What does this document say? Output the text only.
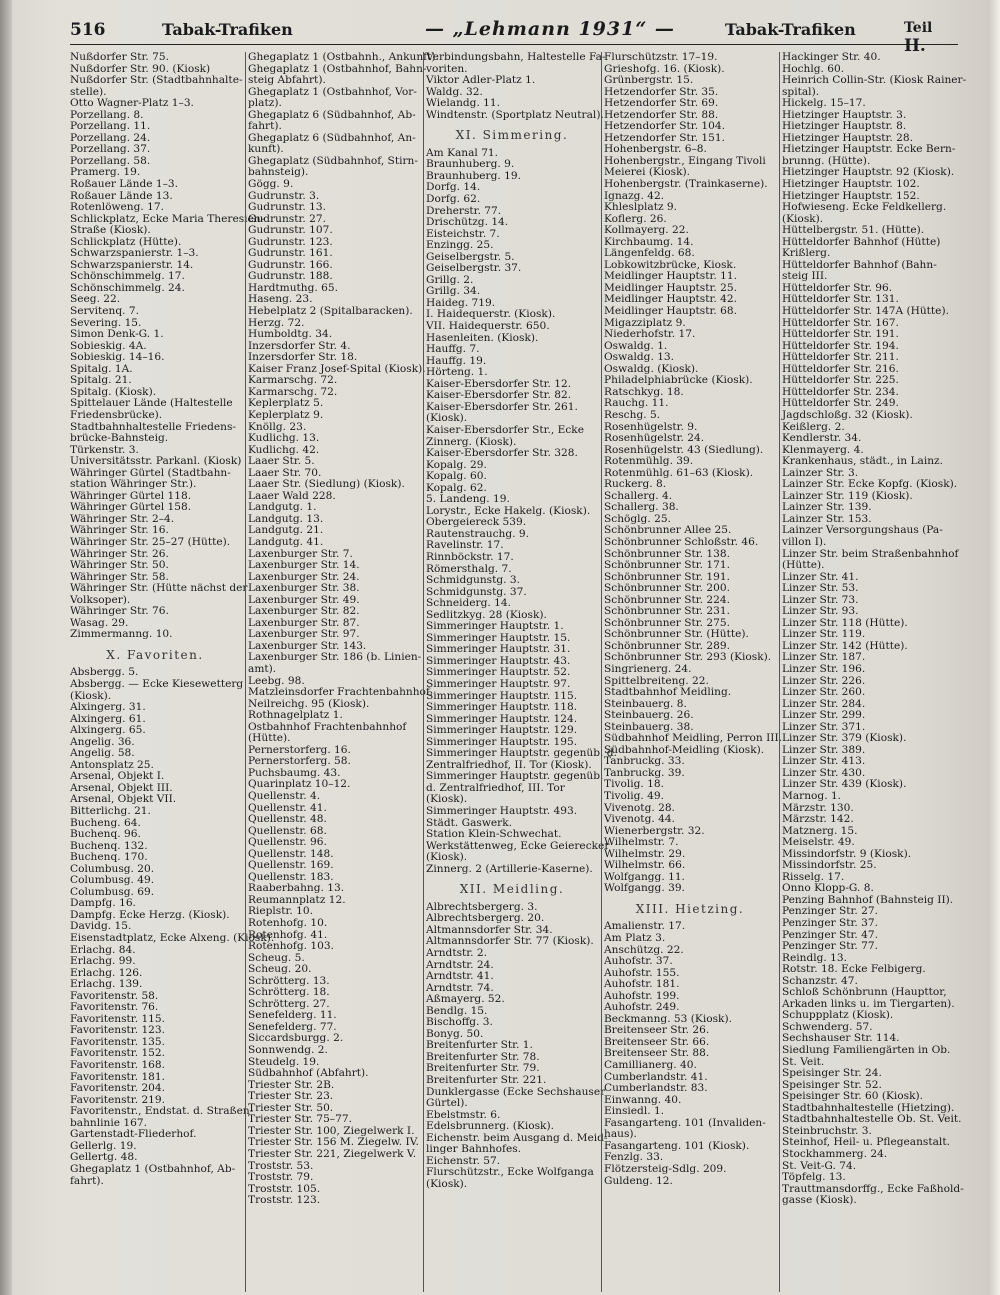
516	Tabak-Trafiken	— „Lehmann 1931“ —	Tabak-Trafiken	Teil II.
Nußdorfer Str. 75.
Nußdorfer Str. 90. (Kiosk)
Nußdorfer Str. (Stadtbahnhalte-
stelle).
Otto Wagner-Platz 1–3.
Porzellang. 8.
Porzellang. 11.
Porzellang. 24.
Porzellang. 37.
Porzellang. 58.
Pramerg. 19.
Roßauer Lände 1–3.
Roßauer Lände 13.
Rotenlöweng. 17.
Schlickplatz, Ecke Maria Theresien-
Straße (Kiosk).
Schlickplatz (Hütte).
Schwarzspanierstr. 1–3.
Schwarzspanierstr. 14.
Schönschimmelg. 17.
Schönschimmelg. 24.
Seeg. 22.
Servitenq. 7.
Severing. 15.
Simon Denk-G. 1.
Sobieskig. 4A.
Sobieskig. 14–16.
Spitalg. 1A.
Spitalg. 21.
Spitalg. (Kiosk).
Spittelauer Lände (Haltestelle
Friedensbrücke).
Stadtbahnhaltestelle Friedens-
brücke-Bahnsteig.
Türkenstr. 3.
Universitätsstr. Parkanl. (Kiosk)
Währinger Gürtel (Stadtbahn-
station Währinger Str.).
Währinger Gürtel 118.
Währinger Gürtel 158.
Währinger Str. 2–4.
Währinger Str. 16.
Währinger Str. 25–27 (Hütte).
Währinger Str. 26.
Währinger Str. 50.
Währinger Str. 58.
Währinger Str. (Hütte nächst der
Volksoper).
Währinger Str. 76.
Wasag. 29.
Zimmermanng. 10.
X. Favoriten.
Absbergg. 5.
Absbergg. — Ecke Kiesewetterg
(Kiosk).
Alxingerg. 31.
Alxingerg. 61.
Alxingerg. 65.
Angelig. 36.
Angelig. 58.
Antonsplatz 25.
Arsenal, Objekt I.
Arsenal, Objekt III.
Arsenal, Objekt VII.
Bitterlichg. 21.
Bucheng. 64.
Buchenq. 96.
Buchenq. 132.
Buchenq. 170.
Columbusg. 20.
Columbusg. 49.
Columbusg. 69.
Dampfg. 16.
Dampfg. Ecke Herzg. (Kiosk).
Davidg. 15.
Eisenstadtplatz, Ecke Alxeng. (Kiosk).
Erlachg. 84.
Erlachg. 99.
Erlachg. 126.
Erlachg. 139.
Favoritenstr. 58.
Favoritenstr. 76.
Favoritenstr. 115.
Favoritenstr. 123.
Favoritenstr. 135.
Favoritenstr. 152.
Favoritenstr. 168.
Favoritenstr. 181.
Favoritenstr. 204.
Favoritenstr. 219.
Favoritenstr., Endstat. d. Straßen-
bahnlinie 167.
Gartenstadt-Fliederhof.
Gellerlg. 19.
Gellertg. 48.
Ghegaplatz 1 (Ostbahnhof, Ab-
fahrt).
Ghegaplatz 1 (Ostbahnh., Ankunft).
Ghegaplatz 1 (Ostbahnhof, Bahn-
steig Abfahrt).
Ghegaplatz 1 (Ostbahnhof, Vor-
platz).
Ghegaplatz 6 (Südbahnhof, Ab-
fahrt).
Ghegaplatz 6 (Südbahnhof, An-
kunft).
Ghegaplatz (Südbahnhof, Stirn-
bahnsteig).
Gögg. 9.
Gudrunstr. 3.
Gudrunstr. 13.
Gudrunstr. 27.
Gudrunstr. 107.
Gudrunstr. 123.
Gudrunstr. 161.
Gudrunstr. 166.
Gudrunstr. 188.
Hardtmuthg. 65.
Haseng. 23.
Hebelplatz 2 (Spitalbaracken).
Herzg. 72.
Humboldtg. 34.
Inzersdorfer Str. 4.
Inzersdorfer Str. 18.
Kaiser Franz Josef-Spital (Kiosk).
Karmarschg. 72.
Karmarschg. 72.
Keplerplatz 5.
Keplerplatz 9.
Knöllg. 23.
Kudlichg. 13.
Kudlichg. 42.
Laaer Str. 5.
Laaer Str. 70.
Laaer Str. (Siedlung) (Kiosk).
Laaer Wald 228.
Landgutg. 1.
Landgutg. 13.
Landgutg. 21.
Landgutg. 41.
Laxenburger Str. 7.
Laxenburger Str. 14.
Laxenburger Str. 24.
Laxenburger Str. 38.
Laxenburger Str. 49.
Laxenburger Str. 82.
Laxenburger Str. 87.
Laxenburger Str. 97.
Laxenburger Str. 143.
Laxenburger Str. 186 (b. Linien-
amt).
Leebg. 98.
Matzleinsdorfer Frachtenbahnhof.
Neilreichg. 95 (Kiosk).
Rothnagelplatz 1.
Ostbahnhof Frachtenbahnhof
(Hütte).
Pernerstorferg. 16.
Pernerstorferg. 58.
Puchsbaumg. 43.
Quarinplatz 10–12.
Quellenstr. 4.
Quellenstr. 41.
Quellenstr. 48.
Quellenstr. 68.
Quellenstr. 96.
Quellenstr. 148.
Quellenstr. 169.
Quellenstr. 183.
Raaberbahng. 13.
Reumannplatz 12.
Rieplstr. 10.
Rotenhofg. 10.
Rotenhofg. 41.
Rotenhofg. 103.
Scheug. 5.
Scheug. 20.
Schrötterg. 13.
Schrötterg. 18.
Schrötterg. 27.
Senefelderg. 11.
Senefelderg. 77.
Siccardsburgg. 2.
Sonnwendg. 2.
Steudelg. 19.
Südbahnhof (Abfahrt).
Triester Str. 2B.
Triester Str. 23.
Triester Str. 50.
Triester Str. 75–77.
Triester Str. 100, Ziegelwerk I.
Triester Str. 156 M. Ziegelw. IV.
Triester Str. 221, Ziegelwerk V.
Troststr. 53.
Troststr. 79.
Troststr. 105.
Troststr. 123.
Verbindungsbahn, Haltestelle Fa-
voriten.
Viktor Adler-Platz 1.
Waldg. 32.
Wielandg. 11.
Windtenstr. (Sportplatz Neutral).
XI. Simmering.
Am Kanal 71.
Braunhuberg. 9.
Braunhuberg. 19.
Dorfg. 14.
Dorfg. 62.
Dreherstr. 77.
Drischützg. 14.
Eisteichstr. 7.
Enzingg. 25.
Geiselbergstr. 5.
Geiselbergstr. 37.
Grillg. 2.
Grillg. 34.
Haideg. 719.
I. Haidequerstr. (Kiosk).
VII. Haidequerstr. 650.
Hasenleiten. (Kiosk).
Hauffg. 7.
Hauffg. 19.
Hörteng. 1.
Kaiser-Ebersdorfer Str. 12.
Kaiser-Ebersdorfer Str. 82.
Kaiser-Ebersdorfer Str. 261.
(Kiosk).
Kaiser-Ebersdorfer Str., Ecke
Zinnerg. (Kiosk).
Kaiser-Ebersdorfer Str. 328.
Kopalg. 29.
Kopalg. 60.
Kopalg. 62.
5. Landeng. 19.
Lorystr., Ecke Hakelg. (Kiosk).
Obergeiereck 539.
Rautenstrauchg. 9.
Ravelinstr. 17.
Rinnböckstr. 17.
Römersthalg. 7.
Schmidgunstg. 3.
Schmidgunstg. 37.
Schneiderg. 14.
Sedlitzkyg. 28 (Kiosk).
Simmeringer Hauptstr. 1.
Simmeringer Hauptstr. 15.
Simmeringer Hauptstr. 31.
Simmeringer Hauptstr. 43.
Simmeringer Hauptstr. 52.
Simmeringer Hauptstr. 97.
Simmeringer Hauptstr. 115.
Simmeringer Hauptstr. 118.
Simmeringer Hauptstr. 124.
Simmeringer Hauptstr. 129.
Simmeringer Hauptstr. 195.
Simmeringer Hauptstr. gegenüb. d.
Zentralfriedhof, II. Tor (Kiosk).
Simmeringer Hauptstr. gegenüb.
d. Zentralfriedhof, III. Tor
(Kiosk).
Simmeringer Hauptstr. 493.
Städt. Gaswerk.
Station Klein-Schwechat.
Werkstättenweg, Ecke Geierecker
(Kiosk).
Zinnerg. 2 (Artillerie-Kaserne).
XII. Meidling.
Albrechtsbergerg. 3.
Albrechtsbergerg. 20.
Altmannsdorfer Str. 34.
Altmannsdorfer Str. 77 (Kiosk).
Arndtstr. 2.
Arndtstr. 24.
Arndtstr. 41.
Arndtstr. 74.
Aßmayerg. 52.
Bendlg. 15.
Bischoffg. 3.
Bonyg. 50.
Breitenfurter Str. 1.
Breitenfurter Str. 78.
Breitenfurter Str. 79.
Breitenfurter Str. 221.
Dunklergasse (Ecke Sechshauser
Gürtel).
Ebelstmstr. 6.
Edelsbrunnerg. (Kiosk).
Eichenstr. beim Ausgang d. Meid-
linger Bahnhofes.
Eichenstr. 57.
Flurschützstr., Ecke Wolfganga
(Kiosk).
Flurschützstr. 17–19.
Grieshofg. 16. (Kiosk).
Grünbergstr. 15.
Hetzendorfer Str. 35.
Hetzendorfer Str. 69.
Hetzendorfer Str. 88.
Hetzendorfer Str. 104.
Hetzendorfer Str. 151.
Hohenbergstr. 6–8.
Hohenbergstr., Eingang Tivoli
Meierei (Kiosk).
Hohenbergstr. (Trainkaserne).
Ignazg. 42.
Khleslplatz 9.
Koflerg. 26.
Kollmayerg. 22.
Kirchbaumg. 14.
Längenfeldg. 68.
Lobkowitzbrücke, Kiosk.
Meidlinger Hauptstr. 11.
Meidlinger Hauptstr. 25.
Meidlinger Hauptstr. 42.
Meidlinger Hauptstr. 68.
Migazziplatz 9.
Niederhofstr. 17.
Oswaldg. 1.
Oswaldg. 13.
Oswaldg. (Kiosk).
Philadelphiabrücke (Kiosk).
Ratschkyg. 18.
Rauchg. 11.
Reschg. 5.
Rosenhügelstr. 9.
Rosenhügelstr. 24.
Rosenhügelstr. 43 (Siedlung).
Rotenmühlg. 39.
Rotenmühlg. 61–63 (Kiosk).
Ruckerg. 8.
Schallerg. 4.
Schallerg. 38.
Schöglg. 25.
Schönbrunner Allee 25.
Schönbrunner Schloßstr. 46.
Schönbrunner Str. 138.
Schönbrunner Str. 171.
Schönbrunner Str. 191.
Schönbrunner Str. 200.
Schönbrunner Str. 224.
Schönbrunner Str. 231.
Schönbrunner Str. 275.
Schönbrunner Str. (Hütte).
Schönbrunner Str. 289.
Schönbrunner Str. 293 (Kiosk).
Singrienerg. 24.
Spittelbreiteng. 22.
Stadtbahnhof Meidling.
Steinbauerg. 8.
Steinbauerg. 26.
Steinbauerg. 38.
Südbahnhof Meidling, Perron III.
Südbahnhof-Meidling (Kiosk).
Tanbruckg. 33.
Tanbruckg. 39.
Tivolig. 18.
Tivolig. 49.
Vivenotg. 28.
Vivenotg. 44.
Wienerbergstr. 32.
Wilhelmstr. 7.
Wilhelmstr. 29.
Wilhelmstr. 66.
Wolfgangg. 11.
Wolfgangg. 39.
XIII. Hietzing.
Amalienstr. 17.
Am Platz 3.
Anschützg. 22.
Auhofstr. 37.
Auhofstr. 155.
Auhofstr. 181.
Auhofstr. 199.
Auhofstr. 249.
Beckmanng. 53 (Kiosk).
Breitenseer Str. 26.
Breitenseer Str. 66.
Breitenseer Str. 88.
Camillianerg. 40.
Cumberlandstr. 41.
Cumberlandstr. 83.
Einwanng. 40.
Einsiedl. 1.
Fasangarteng. 101 (Invaliden-
haus).
Fasangarteng. 101 (Kiosk).
Fenzlg. 33.
Flötzersteig-Sdlg. 209.
Guldeng. 12.
Hackinger Str. 40.
Hochlg. 60.
Heinrich Collin-Str. (Kiosk Rainer-
spital).
Hickelg. 15–17.
Hietzinger Hauptstr. 3.
Hietzinger Hauptstr. 8.
Hietzinger Hauptstr. 28.
Hietzinger Hauptstr. Ecke Bern-
brunng. (Hütte).
Hietzinger Hauptstr. 92 (Kiosk).
Hietzinger Hauptstr. 102.
Hietzinger Hauptstr. 152.
Hofwieseng. Ecke Feldkellerg.
(Kiosk).
Hüttelbergstr. 51. (Hütte).
Hütteldorfer Bahnhof (Hütte)
Krißlerg.
Hütteldorfer Bahnhof (Bahn-
steig III.
Hütteldorfer Str. 96.
Hütteldorfer Str. 131.
Hütteldorfer Str. 147A (Hütte).
Hütteldorfer Str. 167.
Hütteldorfer Str. 191.
Hütteldorfer Str. 194.
Hütteldorfer Str. 211.
Hütteldorfer Str. 216.
Hütteldorfer Str. 225.
Hütteldorfer Str. 234.
Hütteldorfer Str. 249.
Jagdschloßg. 32 (Kiosk).
Keißlerg. 2.
Kendlerstr. 34.
Klenmayerg. 4.
Krankenhaus, städt., in Lainz.
Lainzer Str. 3.
Lainzer Str. Ecke Kopfg. (Kiosk).
Lainzer Str. 119 (Kiosk).
Lainzer Str. 139.
Lainzer Str. 153.
Lainzer Versorgungshaus (Pa-
villon I).
Linzer Str. beim Straßenbahnhof
(Hütte).
Linzer Str. 41.
Linzer Str. 53.
Linzer Str. 73.
Linzer Str. 93.
Linzer Str. 118 (Hütte).
Linzer Str. 119.
Linzer Str. 142 (Hütte).
Linzer Str. 187.
Linzer Str. 196.
Linzer Str. 226.
Linzer Str. 260.
Linzer Str. 284.
Linzer Str. 299.
Linzer Str. 371.
Linzer Str. 379 (Kiosk).
Linzer Str. 389.
Linzer Str. 413.
Linzer Str. 430.
Linzer Str. 439 (Kiosk).
Marnog. 1.
Märzstr. 130.
Märzstr. 142.
Matznerg. 15.
Meiselstr. 49.
Missindorfstr. 9 (Kiosk).
Missindorfstr. 25.
Risselg. 17.
Onno Klopp-G. 8.
Penzing Bahnhof (Bahnsteig II).
Penzinger Str. 27.
Penzinger Str. 37.
Penzinger Str. 47.
Penzinger Str. 77.
Reindlg. 13.
Rotstr. 18. Ecke Felbigerg.
Schanzstr. 47.
Schloß Schönbrunn (Haupttor,
Arkaden links u. im Tiergarten).
Schuppplatz (Kiosk).
Schwenderg. 57.
Sechshauser Str. 114.
Siedlung Familiengärten in Ob.
St. Veit.
Speisinger Str. 24.
Speisinger Str. 52.
Speisinger Str. 60 (Kiosk).
Stadtbahnhaltestelle (Hietzing).
Stadtbahnhaltestelle Ob. St. Veit.
Steinbruchstr. 3.
Steinhof, Heil- u. Pflegeanstalt.
Stockhammerg. 24.
St. Veit-G. 74.
Töpfelg. 13.
Trauttmansdorffg., Ecke Faßhold-
gasse (Kiosk).
